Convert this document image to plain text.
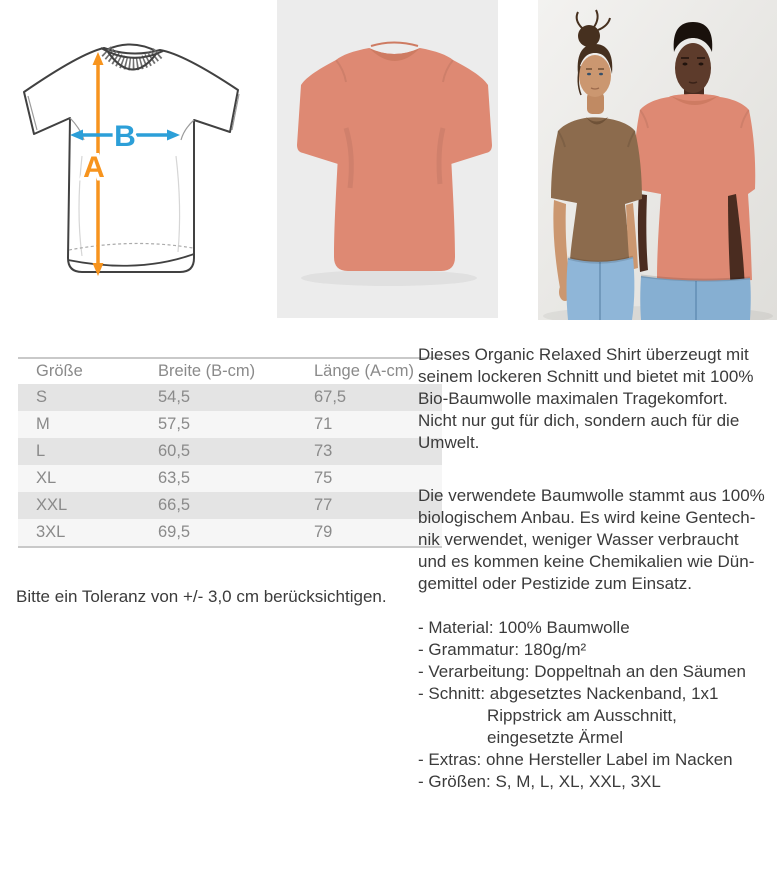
A
B
Größe	Breite (B-cm)	Länge (A-cm)
S	54,5	67,5
M	57,5	71
L	60,5	73
XL	63,5	75
XXL	66,5	77
3XL	69,5	79

Bitte ein Toleranz von +/- 3,0 cm berücksichtigen.

Dieses Organic Relaxed Shirt überzeugt mit
seinem lockeren Schnitt und bietet mit 100%
Bio-Baumwolle maximalen Tragekomfort.
Nicht nur gut für dich, sondern auch für die
Umwelt.
Die verwendete Baumwolle stammt aus 100%
biologischem Anbau. Es wird keine Gentech-
nik verwendet, weniger Wasser verbraucht
und es kommen keine Chemikalien wie Dün-
gemittel oder Pestizide zum Einsatz.
- Material: 100% Baumwolle
- Grammatur: 180g/m²
- Verarbeitung: Doppeltnah an den Säumen
- Schnitt: abgesetztes Nackenband, 1x1
Rippstrick am Ausschnitt,
eingesetzte Ärmel
- Extras: ohne Hersteller Label im Nacken
- Größen: S, M, L, XL, XXL, 3XL
